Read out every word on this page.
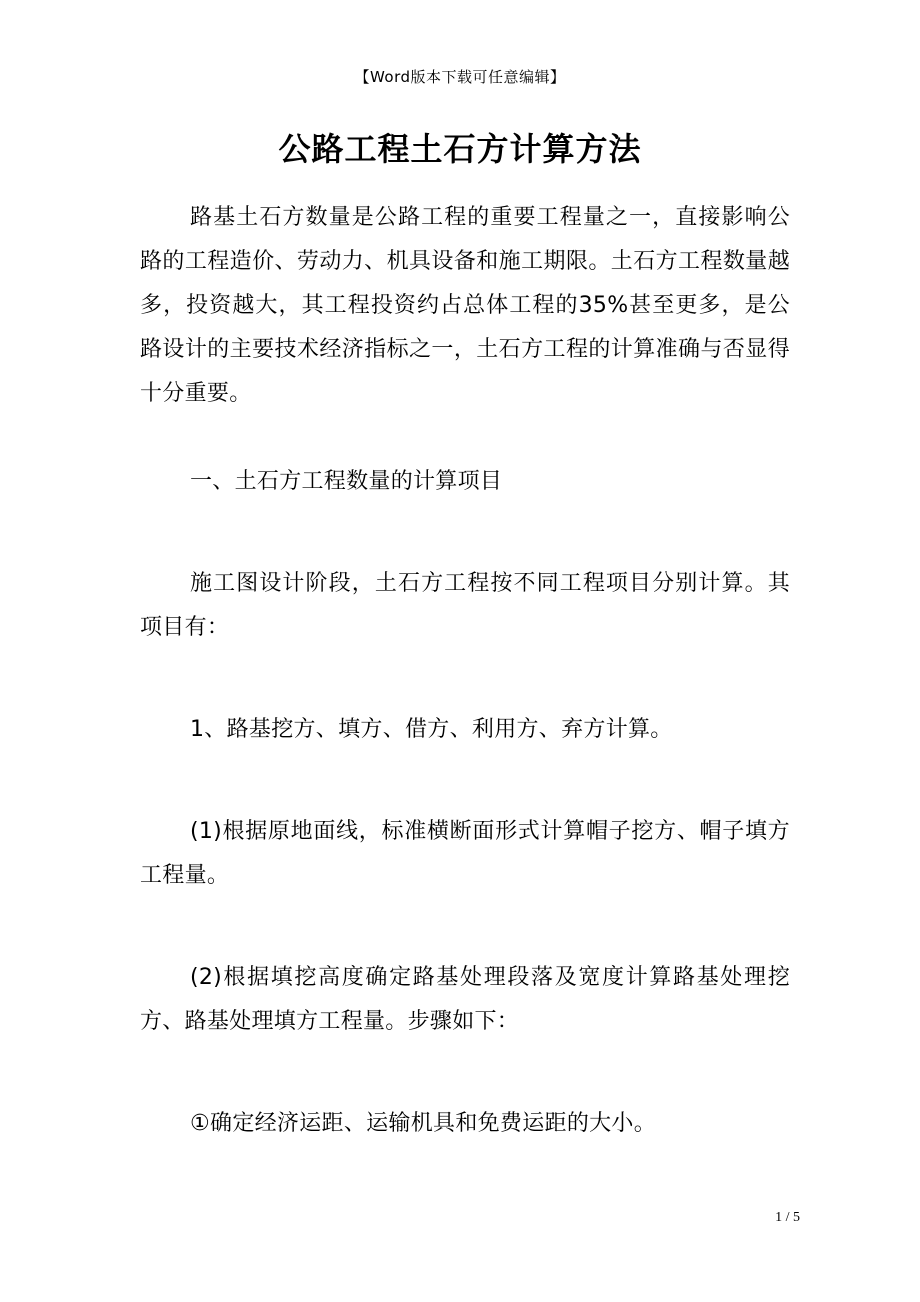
【Word版本下载可任意编辑】
公路工程土石方计算方法

路基土石方数量是公路工程的重要工程量之一，直接影响公路的工程造价、劳动力、机具设备和施工期限。土石方工程数量越多，投资越大，其工程投资约占总体工程的35%甚至更多，是公路设计的主要技术经济指标之一，土石方工程的计算准确与否显得十分重要。

一、土石方工程数量的计算项目

施工图设计阶段，土石方工程按不同工程项目分别计算。其项目有：

1、路基挖方、填方、借方、利用方、弃方计算。

(1)根据原地面线，标准横断面形式计算帽子挖方、帽子填方工程量。

(2)根据填挖高度确定路基处理段落及宽度计算路基处理挖方、路基处理填方工程量。步骤如下：

①确定经济运距、运输机具和免费运距的大小。

1 / 5
